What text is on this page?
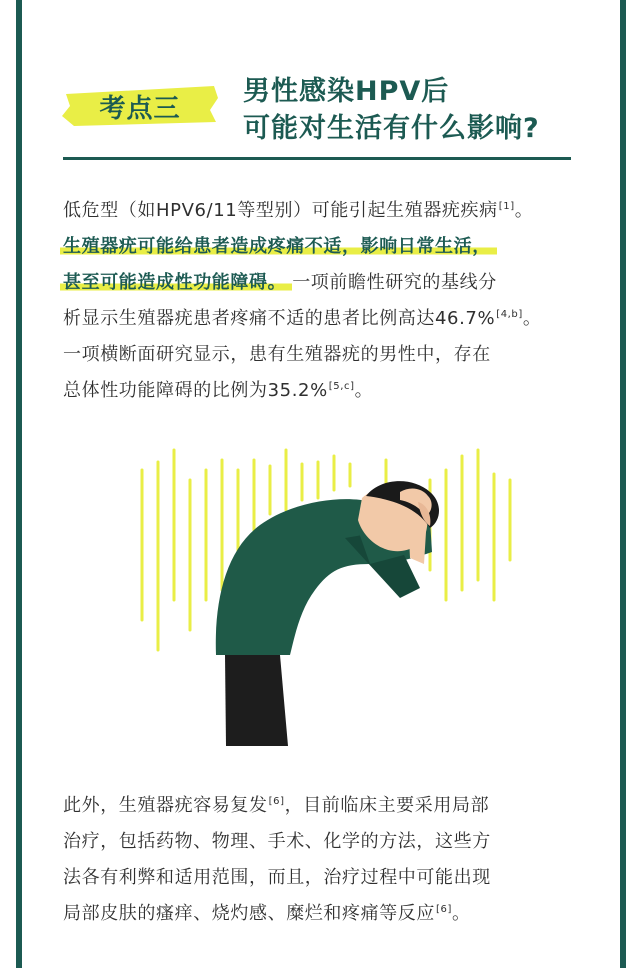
考点三
男性感染HPV后
可能对生活有什么影响?
低危型（如HPV6/11等型别）可能引起生殖器疣疾病[1]。
生殖器疣可能给患者造成疼痛不适，影响日常生活，
甚至可能造成性功能障碍。 一项前瞻性研究的基线分
析显示生殖器疣患者疼痛不适的患者比例高达46.7%[4,b]。
一项横断面研究显示，患有生殖器疣的男性中，存在
总体性功能障碍的比例为35.2%[5,c]。
此外，生殖器疣容易复发[6]，目前临床主要采用局部
治疗，包括药物、物理、手术、化学的方法，这些方
法各有利弊和适用范围，而且，治疗过程中可能出现
局部皮肤的瘙痒、烧灼感、糜烂和疼痛等反应[6]。
